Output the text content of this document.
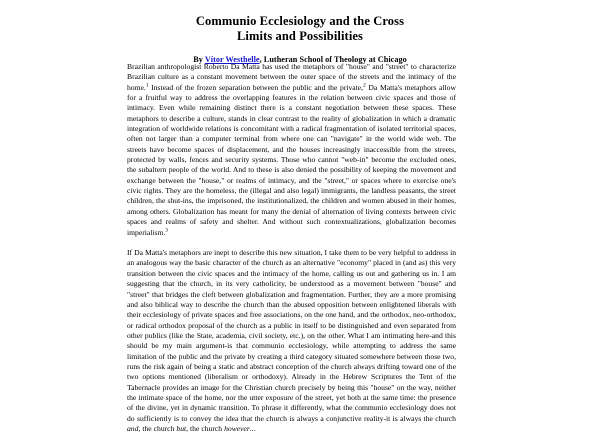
Communio Ecclesiology and the Cross
Limits and Possibilities
By Vítor Westhelle, Lutheran School of Theology at Chicago

Brazilian anthropologist Roberto Da Matta has used the metaphors of "house" and "street" to characterize Brazilian culture as a constant movement between the outer space of the streets and the intimacy of the home.$^1$ Instead of the frozen separation between the public and the private,$^2$ Da Matta's metaphors allow for a fruitful way to address the overlapping features in the relation between civic spaces and those of intimacy. Even while remaining distinct there is a constant negotiation between these spaces. These metaphors to describe a culture, stands in clear contrast to the reality of globalization in which a dramatic integration of worldwide relations is concomitant with a radical fragmentation of isolated territorial spaces, often not larger than a computer terminal from where one can "navigate" in the world wide web. The streets have become spaces of displacement, and the houses increasingly inaccessible from the streets, protected by walls, fences and security systems. Those who cannot "web-in" become the excluded ones, the subaltern people of the world. And to these is also denied the possibility of keeping the movement and exchange between the "house," or realms of intimacy, and the "street," or spaces where to exercise one's civic rights. They are the homeless, the (illegal and also legal) immigrants, the landless peasants, the street children, the shut-ins, the imprisoned, the institutionalized, the children and women abused in their homes, among others. Globalization has meant for many the denial of alternation of living contexts between civic spaces and realms of safety and shelter. And without such contextualizations, globalization becomes imperialism.$^3$

If Da Matta's metaphors are inept to describe this new situation, I take them to be very helpful to address in an analogous way the basic character of the church as an alternative "economy" placed in (and as) this very transition between the civic spaces and the intimacy of the home, calling us out and gathering us in. I am suggesting that the church, in its very catholicity, be understood as a movement between "house" and "street" that bridges the cleft between globalization and fragmentation. Further, they are a more promising and also biblical way to describe the church than the abused opposition between enlightened liberals with their ecclesiology of private spaces and free associations, on the one hand, and the orthodox, neo-orthodox, or radical orthodox proposal of the church as a public in itself to be distinguished and even separated from other publics (like the State, academia, civil society, etc.), on the other. What I am intimating here-and this should be my main argument-is that communio ecclesiology, while attempting to address the same limitation of the public and the private by creating a third category situated somewhere between those two, runs the risk again of being a static and abstract conception of the church always drifting toward one of the two options mentioned (liberalism or orthodoxy). Already in the Hebrew Scriptures the Tent of the Tabernacle provides an image for the Christian church precisely by being this "house" on the way, neither the intimate space of the home, nor the utter exposure of the street, yet both at the same time: the presence of the divine, yet in dynamic transition. To phrase it differently, what the communio ecclesiology does not do sufficiently is to convey the idea that the church is always a conjunctive reality-it is always the church and, the church but, the church however...
